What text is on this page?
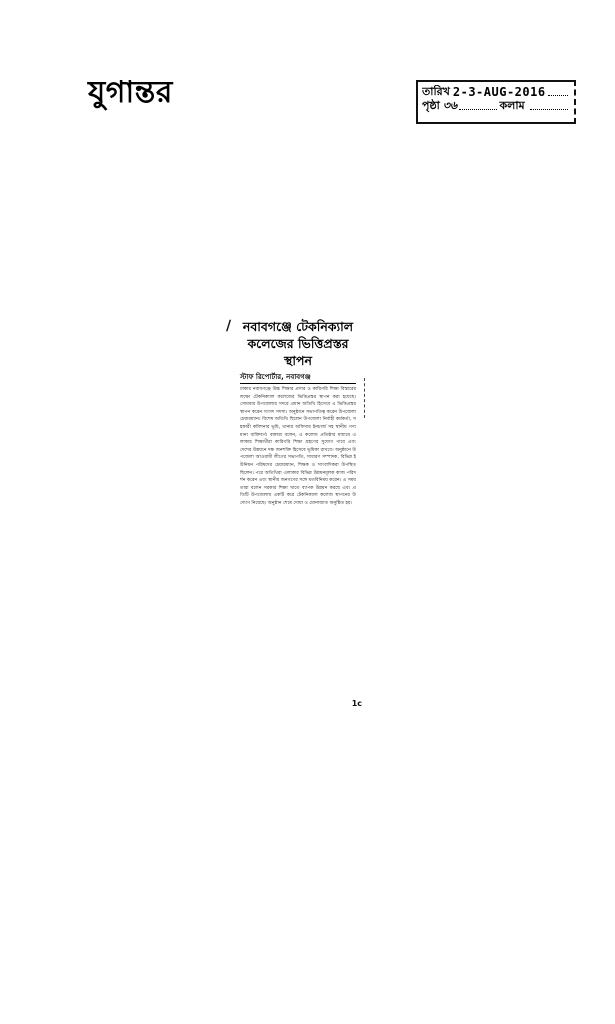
যুগান্তর	তারিখ 2-3-AUG-2016
পৃষ্ঠা ৩৬	কলাম
∕ নবাবগঞ্জে টেকনিক্যাল কলেজের ভিত্তিপ্রস্তর স্থাপন
স্টাফ রিপোর্টার, নবাবগঞ্জ
ঢাকার নবাবগঞ্জে উচ্চ শিক্ষার প্রসার ও কারিগরি শিক্ষা বিস্তারের লক্ষ্যে টেকনিক্যাল কলেজের ভিত্তিপ্রস্তর স্থাপন করা হয়েছে। সোমবার উপজেলার সদরে প্রধান অতিথি হিসেবে এ ভিত্তিপ্রস্তর স্থাপন করেন সংসদ সদস্য। অনুষ্ঠানে সভাপতিত্ব করেন উপজেলা চেয়ারম্যান। বিশেষ অতিথি ছিলেন উপজেলা নির্বাহী কর্মকর্তা, সহকারী কমিশনার ভূমি, থানার অফিসার ইনচার্জ সহ স্থানীয় গণ্যমান্য ব্যক্তিবর্গ। বক্তারা বলেন, এ কলেজ প্রতিষ্ঠার মাধ্যমে এলাকার শিক্ষার্থীরা কারিগরি শিক্ষা গ্রহণের সুযোগ পাবে এবং দেশের উন্নয়নে দক্ষ জনশক্তি হিসেবে ভূমিকা রাখবে। অনুষ্ঠানে উপজেলা আওয়ামী লীগের সভাপতি, সাধারণ সম্পাদক, বিভিন্ন ইউনিয়ন পরিষদের চেয়ারম্যান, শিক্ষক ও সাংবাদিকরা উপস্থিত ছিলেন। পরে অতিথিরা এলাকার বিভিন্ন উন্নয়নমূলক কাজ পরিদর্শন করেন এবং স্থানীয় জনগণের সঙ্গে মতবিনিময় করেন। এ সময় তারা বলেন সরকার শিক্ষা খাতে ব্যাপক উন্নয়ন করছে এবং প্রতিটি উপজেলায় একটি করে টেকনিক্যাল কলেজ স্থাপনের উদ্যোগ নিয়েছে। অনুষ্ঠান শেষে দোয়া ও মোনাজাত অনুষ্ঠিত হয়।
1c
